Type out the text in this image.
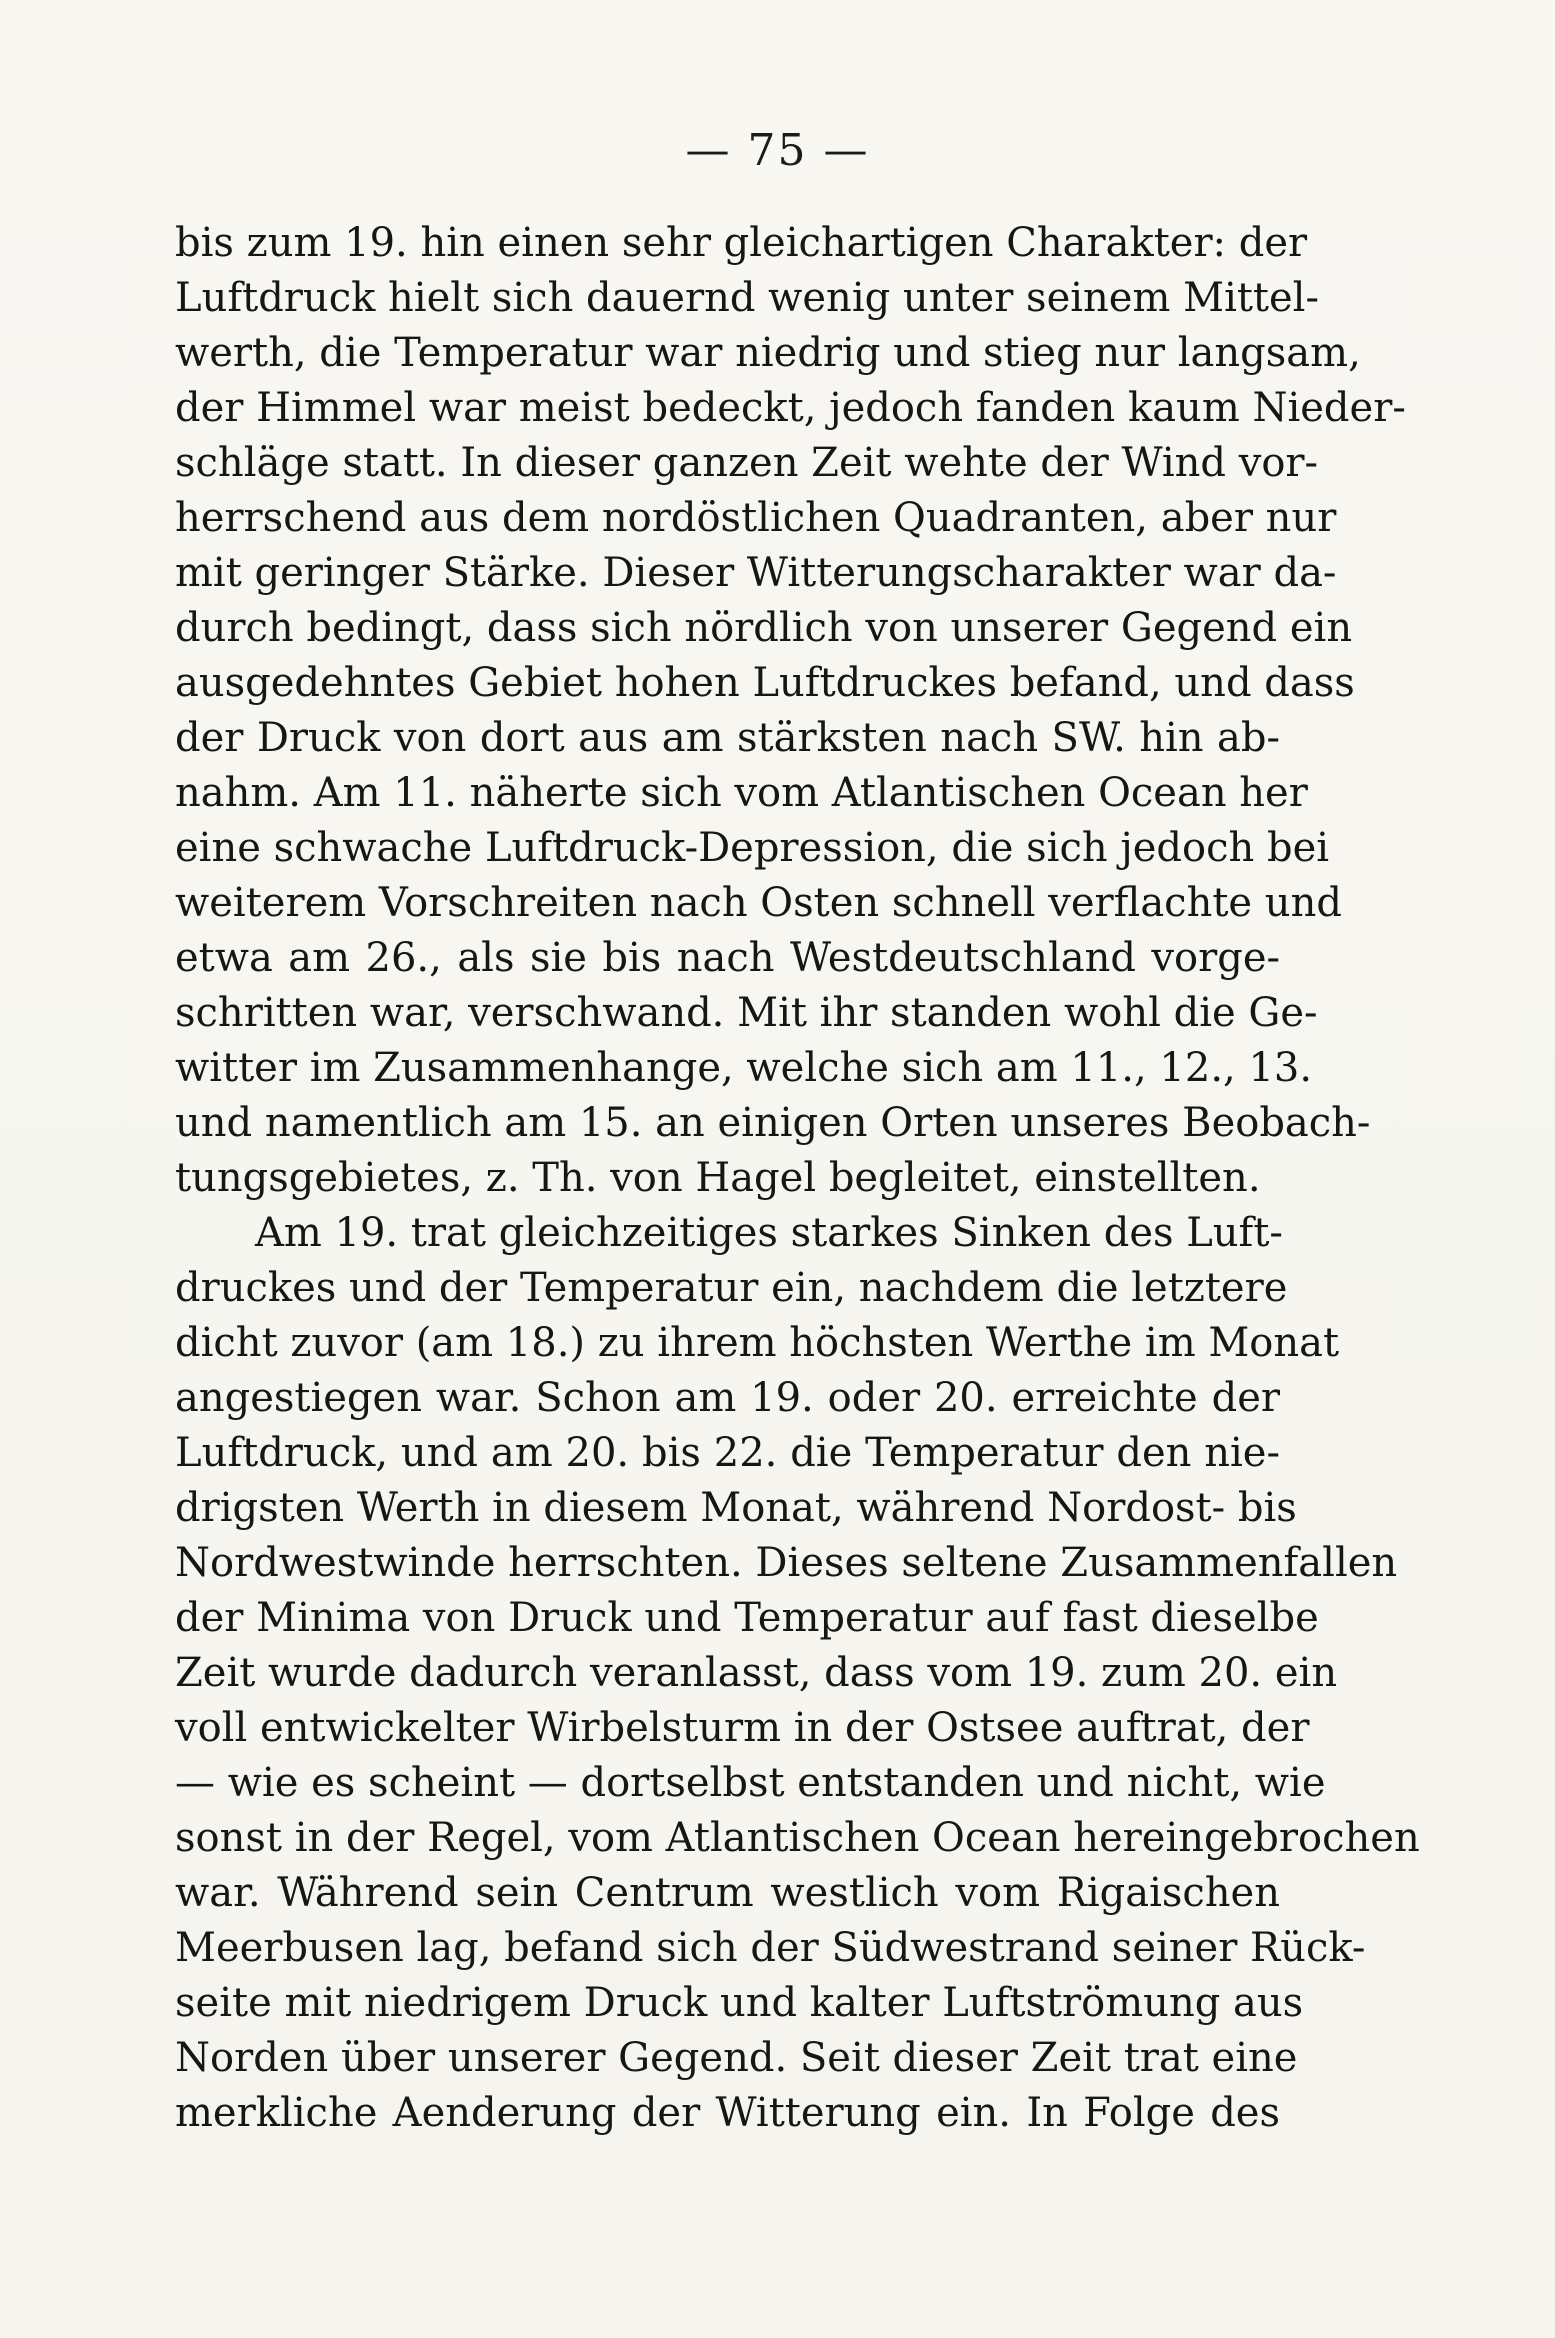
— 75 —
bis zum 19. hin einen sehr gleichartigen Charakter: der
Luftdruck hielt sich dauernd wenig unter seinem Mittel-
werth, die Temperatur war niedrig und stieg nur langsam,
der Himmel war meist bedeckt, jedoch fanden kaum Nieder-
schläge statt. In dieser ganzen Zeit wehte der Wind vor-
herrschend aus dem nordöstlichen Quadranten, aber nur
mit geringer Stärke. Dieser Witterungscharakter war da-
durch bedingt, dass sich nördlich von unserer Gegend ein
ausgedehntes Gebiet hohen Luftdruckes befand, und dass
der Druck von dort aus am stärksten nach SW. hin ab-
nahm. Am 11. näherte sich vom Atlantischen Ocean her
eine schwache Luftdruck-Depression, die sich jedoch bei
weiterem Vorschreiten nach Osten schnell verflachte und
etwa am 26., als sie bis nach Westdeutschland vorge-
schritten war, verschwand. Mit ihr standen wohl die Ge-
witter im Zusammenhange, welche sich am 11., 12., 13.
und namentlich am 15. an einigen Orten unseres Beobach-
tungsgebietes, z. Th. von Hagel begleitet, einstellten.
Am 19. trat gleichzeitiges starkes Sinken des Luft-
druckes und der Temperatur ein, nachdem die letztere
dicht zuvor (am 18.) zu ihrem höchsten Werthe im Monat
angestiegen war. Schon am 19. oder 20. erreichte der
Luftdruck, und am 20. bis 22. die Temperatur den nie-
drigsten Werth in diesem Monat, während Nordost- bis
Nordwestwinde herrschten. Dieses seltene Zusammenfallen
der Minima von Druck und Temperatur auf fast dieselbe
Zeit wurde dadurch veranlasst, dass vom 19. zum 20. ein
voll entwickelter Wirbelsturm in der Ostsee auftrat, der
— wie es scheint — dortselbst entstanden und nicht, wie
sonst in der Regel, vom Atlantischen Ocean hereingebrochen
war. Während sein Centrum westlich vom Rigaischen
Meerbusen lag, befand sich der Südwestrand seiner Rück-
seite mit niedrigem Druck und kalter Luftströmung aus
Norden über unserer Gegend. Seit dieser Zeit trat eine
merkliche Aenderung der Witterung ein. In Folge des
